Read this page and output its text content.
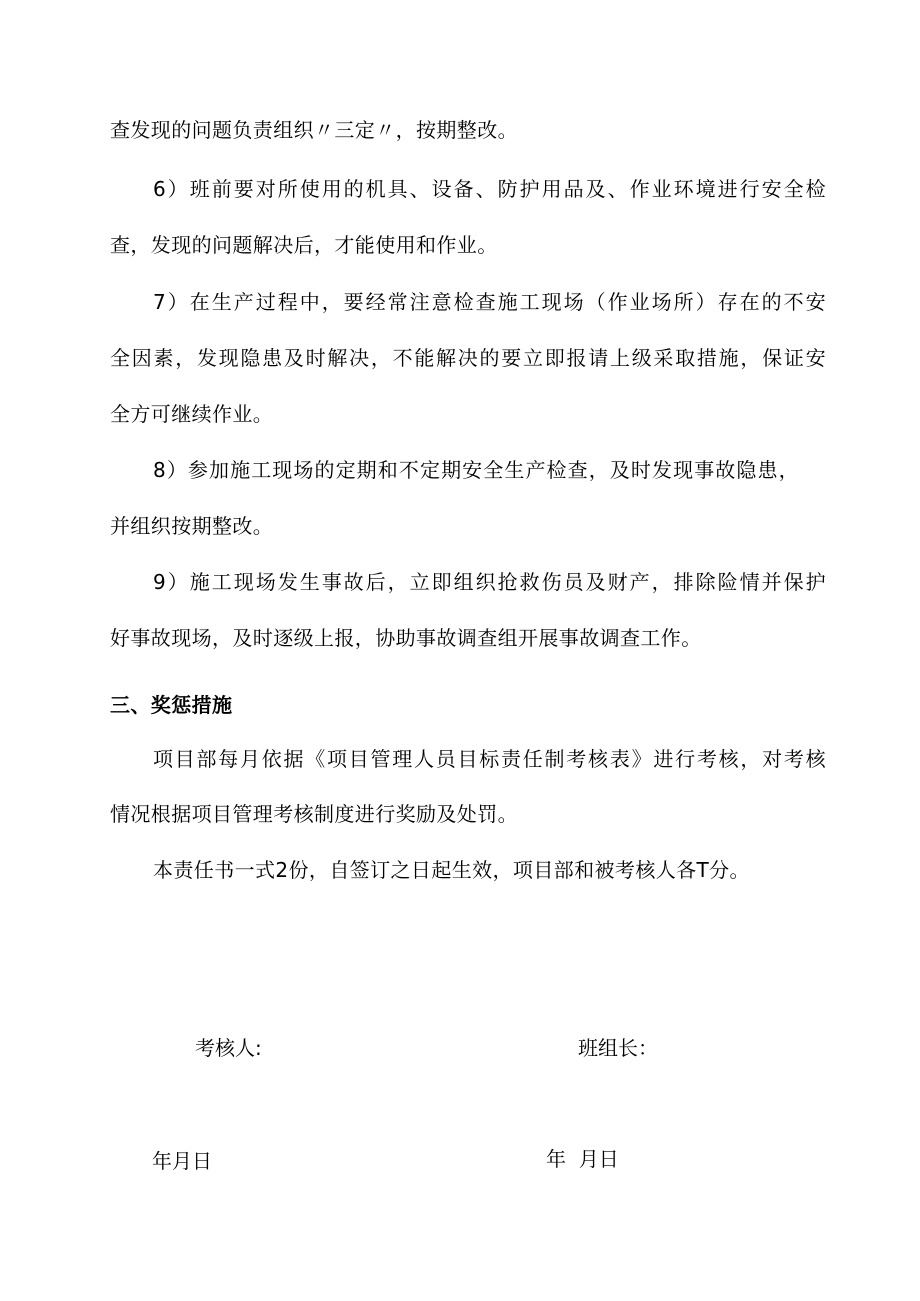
查发现的问题负责组织〃三定〃，按期整改。
6）班前要对所使用的机具、设备、防护用品及、作业环境进行安全检
查，发现的问题解决后，才能使用和作业。
7）在生产过程中，要经常注意检查施工现场（作业场所）存在的不安
全因素，发现隐患及时解决，不能解决的要立即报请上级采取措施，保证安
全方可继续作业。
8）参加施工现场的定期和不定期安全生产检查，及时发现事故隐患，
并组织按期整改。
9）施工现场发生事故后，立即组织抢救伤员及财产，排除险情并保护
好事故现场，及时逐级上报，协助事故调查组开展事故调查工作。
三、奖惩措施
项目部每月依据《项目管理人员目标责任制考核表》进行考核，对考核
情况根据项目管理考核制度进行奖励及处罚。
本责任书一式2份，自签订之日起生效，项目部和被考核人各T分。
考核人:	班组长：
年月日	年  月日
